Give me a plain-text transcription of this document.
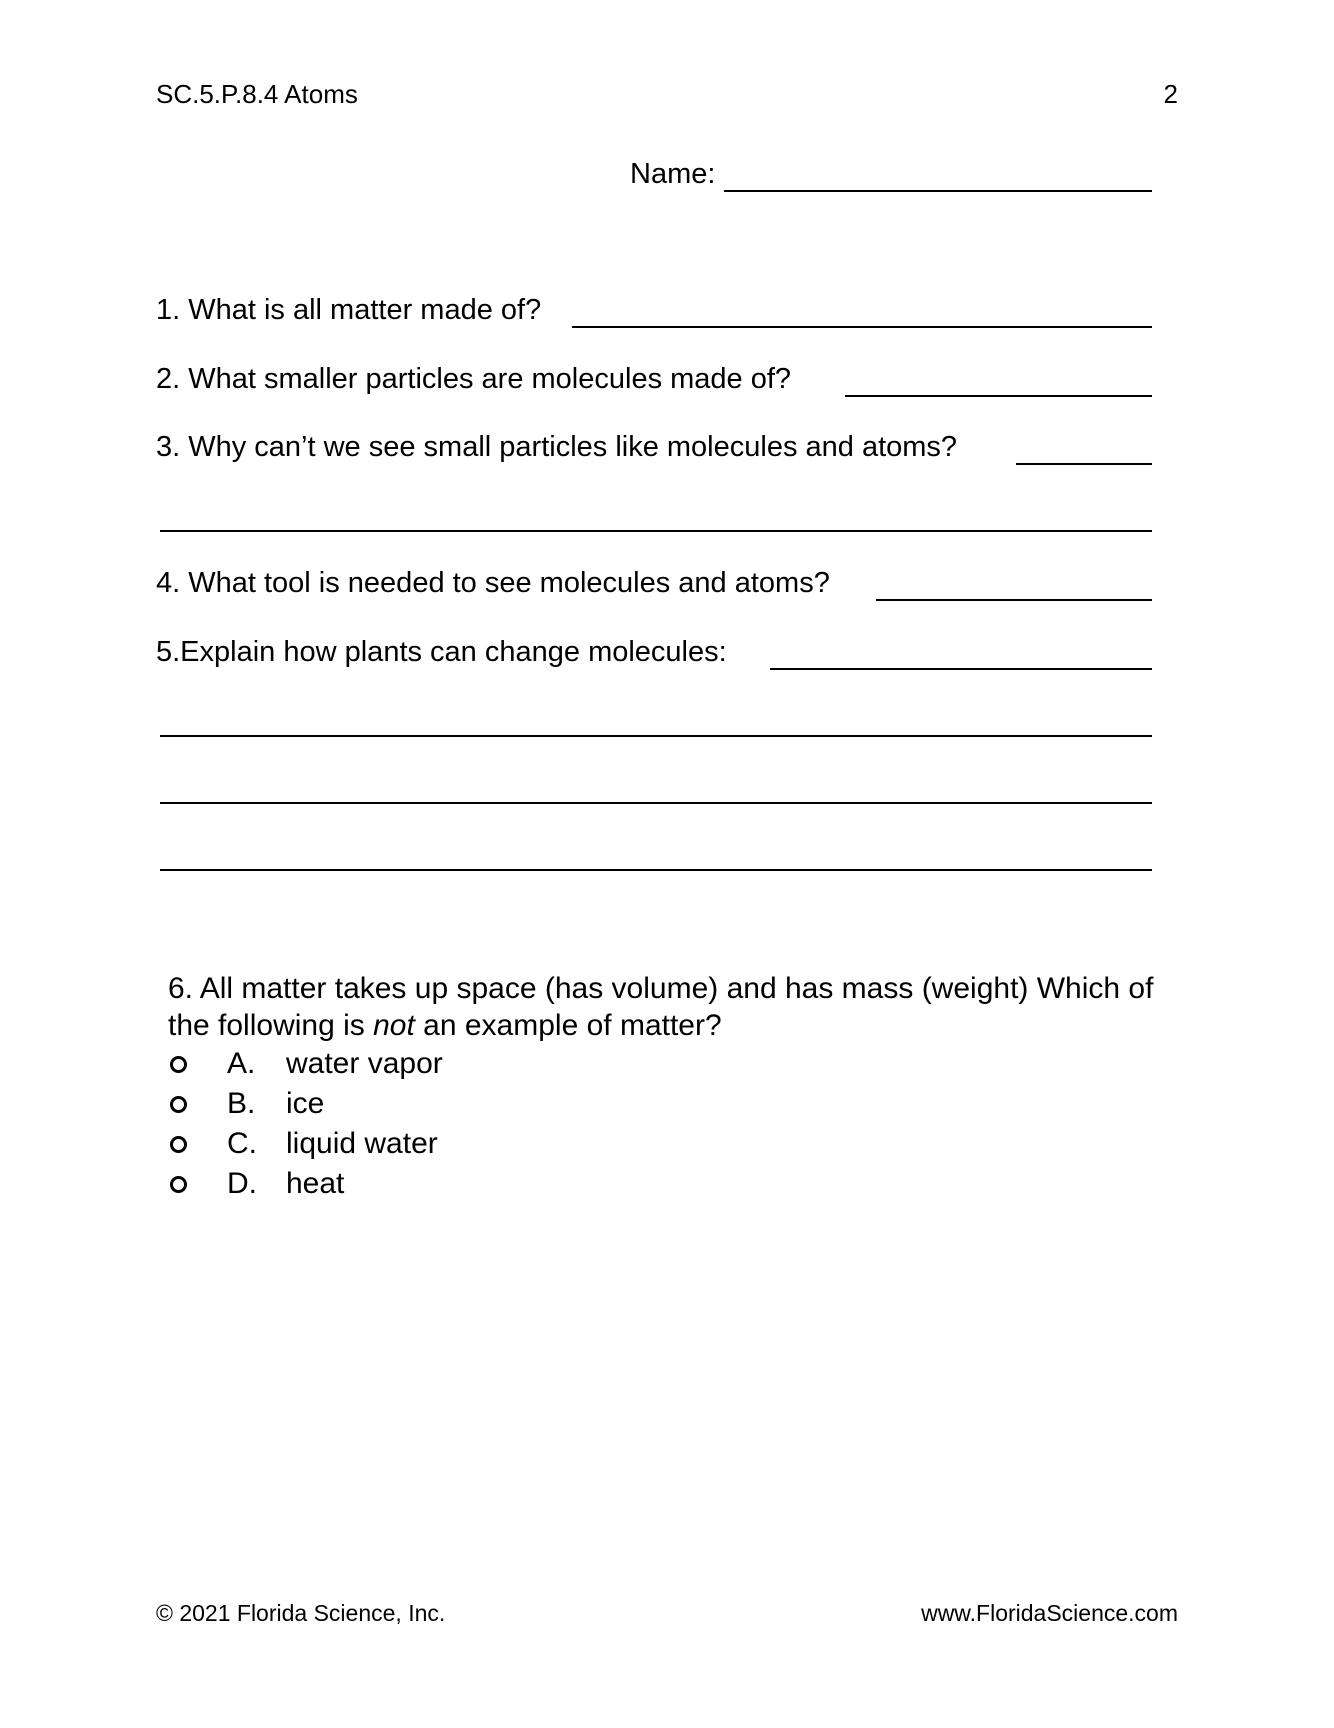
SC.5.P.8.4 Atoms	2
Name:
1. What is all matter made of?
2. What smaller particles are molecules made of?
3. Why can’t we see small particles like molecules and atoms?
4. What tool is needed to see molecules and atoms?
5.Explain how plants can change molecules:

6. All matter takes up space (has volume) and has mass (weight) Which of the following is not an example of matter?

A. water vapor
B. ice
C. liquid water
D. heat
© 2021 Florida Science, Inc.	www.FloridaScience.com
